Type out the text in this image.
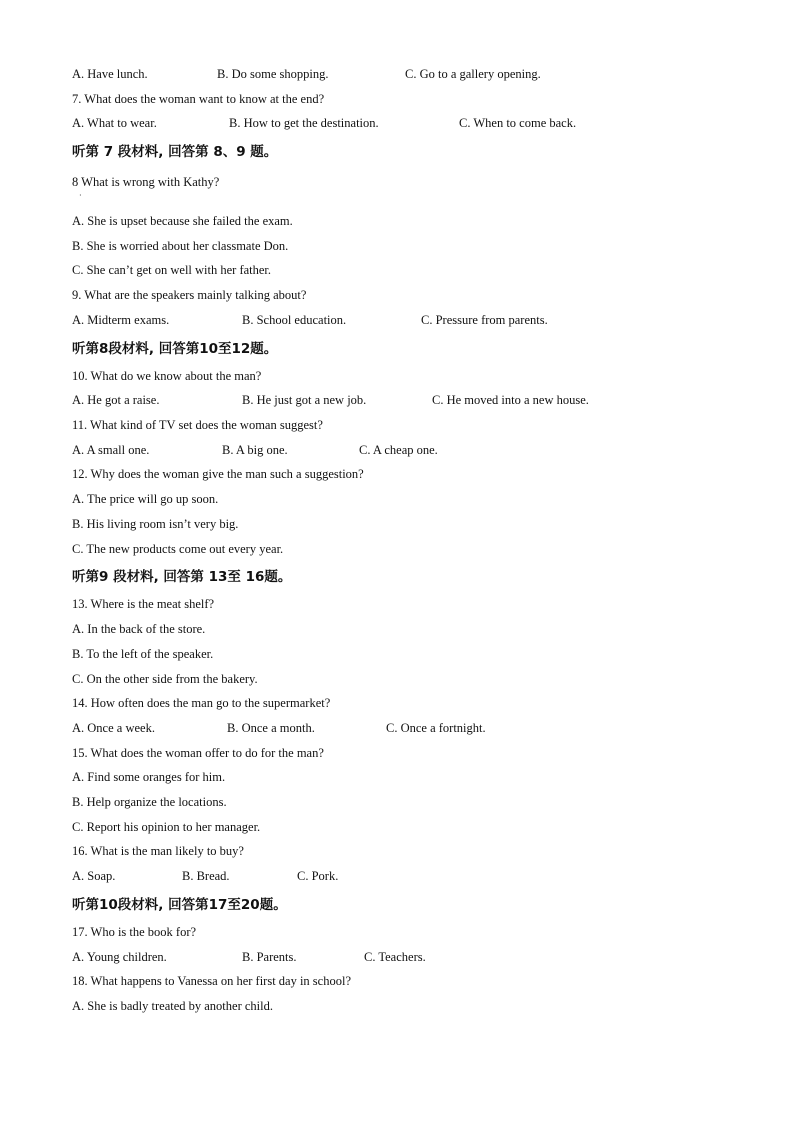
·
A. Have lunch.	B. Do some shopping.	C. Go to a gallery opening.
7. What does the woman want to know at the end?
A. What to wear.	B. How to get the destination.	C. When to come back.
听第 7 段材料, 回答第 8、9 题。
8 What is wrong with Kathy?
A. She is upset because she failed the exam.
B. She is worried about her classmate Don.
C. She can’t get on well with her father.
9. What are the speakers mainly talking about?
A. Midterm exams.	B. School education.	C. Pressure from parents.
听第8段材料, 回答第10至12题。
10. What do we know about the man?
A. He got a raise.	B. He just got a new job.	C. He moved into a new house.
11. What kind of TV set does the woman suggest?
A. A small one.	B. A big one.	C. A cheap one.
12. Why does the woman give the man such a suggestion?
A. The price will go up soon.
B. His living room isn’t very big.
C. The new products come out every year.
听第9 段材料, 回答第 13至 16题。
13. Where is the meat shelf?
A. In the back of the store.
B. To the left of the speaker.
C. On the other side from the bakery.
14. How often does the man go to the supermarket?
A. Once a week.	B. Once a month.	C. Once a fortnight.
15. What does the woman offer to do for the man?
A. Find some oranges for him.
B. Help organize the locations.
C. Report his opinion to her manager.
16. What is the man likely to buy?
A. Soap.	B. Bread.	C. Pork.
听第10段材料, 回答第17至20题。
17. Who is the book for?
A. Young children.	B. Parents.	C. Teachers.
18. What happens to Vanessa on her first day in school?
A. She is badly treated by another child.
